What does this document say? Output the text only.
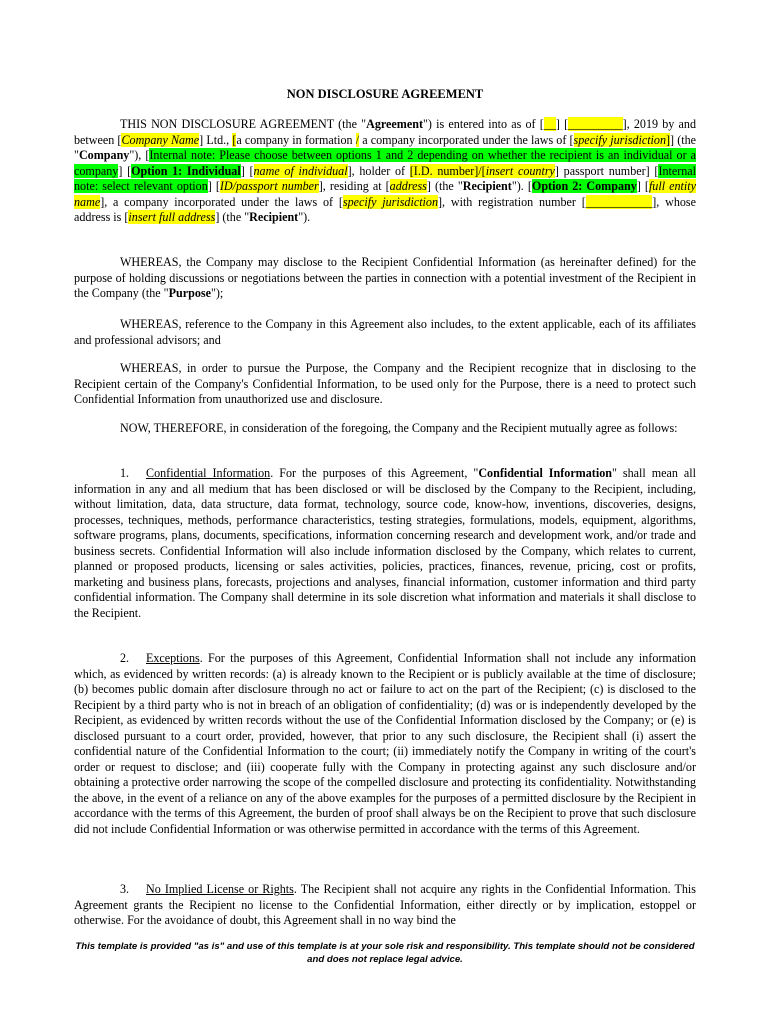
NON DISCLOSURE AGREEMENT

THIS NON DISCLOSURE AGREEMENT (the "Agreement") is entered into as of [__] [_________], 2019 by and between [Company Name] Ltd., [a company in formation / a company incorporated under the laws of [specify jurisdiction]] (the "Company"), [Internal note: Please choose between options 1 and 2 depending on whether the recipient is an individual or a company] [Option 1: Individual] [name of individual], holder of [I.D. number]/[insert country] passport number] [Internal note: select relevant option] [ID/passport number], residing at [address] (the "Recipient"). [Option 2: Company] [full entity name], a company incorporated under the laws of [specify jurisdiction], with registration number [___________], whose address is [insert full address] (the "Recipient").

WHEREAS, the Company may disclose to the Recipient Confidential Information (as hereinafter defined) for the purpose of holding discussions or negotiations between the parties in connection with a potential investment of the Recipient in the Company (the "Purpose");

WHEREAS, reference to the Company in this Agreement also includes, to the extent applicable, each of its affiliates and professional advisors; and

WHEREAS, in order to pursue the Purpose, the Company and the Recipient recognize that in disclosing to the Recipient certain of the Company's Confidential Information, to be used only for the Purpose, there is a need to protect such Confidential Information from unauthorized use and disclosure.

NOW, THEREFORE, in consideration of the foregoing, the Company and the Recipient mutually agree as follows:

1. Confidential Information. For the purposes of this Agreement, "Confidential Information" shall mean all information in any and all medium that has been disclosed or will be disclosed by the Company to the Recipient, including, without limitation, data, data structure, data format, technology, source code, know-how, inventions, discoveries, designs, processes, techniques, methods, performance characteristics, testing strategies, formulations, models, equipment, algorithms, software programs, plans, documents, specifications, information concerning research and development work, and/or trade and business secrets. Confidential Information will also include information disclosed by the Company, which relates to current, planned or proposed products, licensing or sales activities, policies, practices, finances, revenue, pricing, cost or profits, marketing and business plans, forecasts, projections and analyses, financial information, customer information and third party confidential information. The Company shall determine in its sole discretion what information and materials it shall disclose to the Recipient.

2. Exceptions. For the purposes of this Agreement, Confidential Information shall not include any information which, as evidenced by written records: (a) is already known to the Recipient or is publicly available at the time of disclosure; (b) becomes public domain after disclosure through no act or failure to act on the part of the Recipient; (c) is disclosed to the Recipient by a third party who is not in breach of an obligation of confidentiality; (d) was or is independently developed by the Recipient, as evidenced by written records without the use of the Confidential Information disclosed by the Company; or (e) is disclosed pursuant to a court order, provided, however, that prior to any such disclosure, the Recipient shall (i) assert the confidential nature of the Confidential Information to the court; (ii) immediately notify the Company in writing of the court's order or request to disclose; and (iii) cooperate fully with the Company in protecting against any such disclosure and/or obtaining a protective order narrowing the scope of the compelled disclosure and protecting its confidentiality. Notwithstanding the above, in the event of a reliance on any of the above examples for the purposes of a permitted disclosure by the Recipient in accordance with the terms of this Agreement, the burden of proof shall always be on the Recipient to prove that such disclosure did not include Confidential Information or was otherwise permitted in accordance with the terms of this Agreement.

3. No Implied License or Rights. The Recipient shall not acquire any rights in the Confidential Information. This Agreement grants the Recipient no license to the Confidential Information, either directly or by implication, estoppel or otherwise. For the avoidance of doubt, this Agreement shall in no way bind the

This template is provided "as is" and use of this template is at your sole risk and responsibility. This template should not be considered and does not replace legal advice.
